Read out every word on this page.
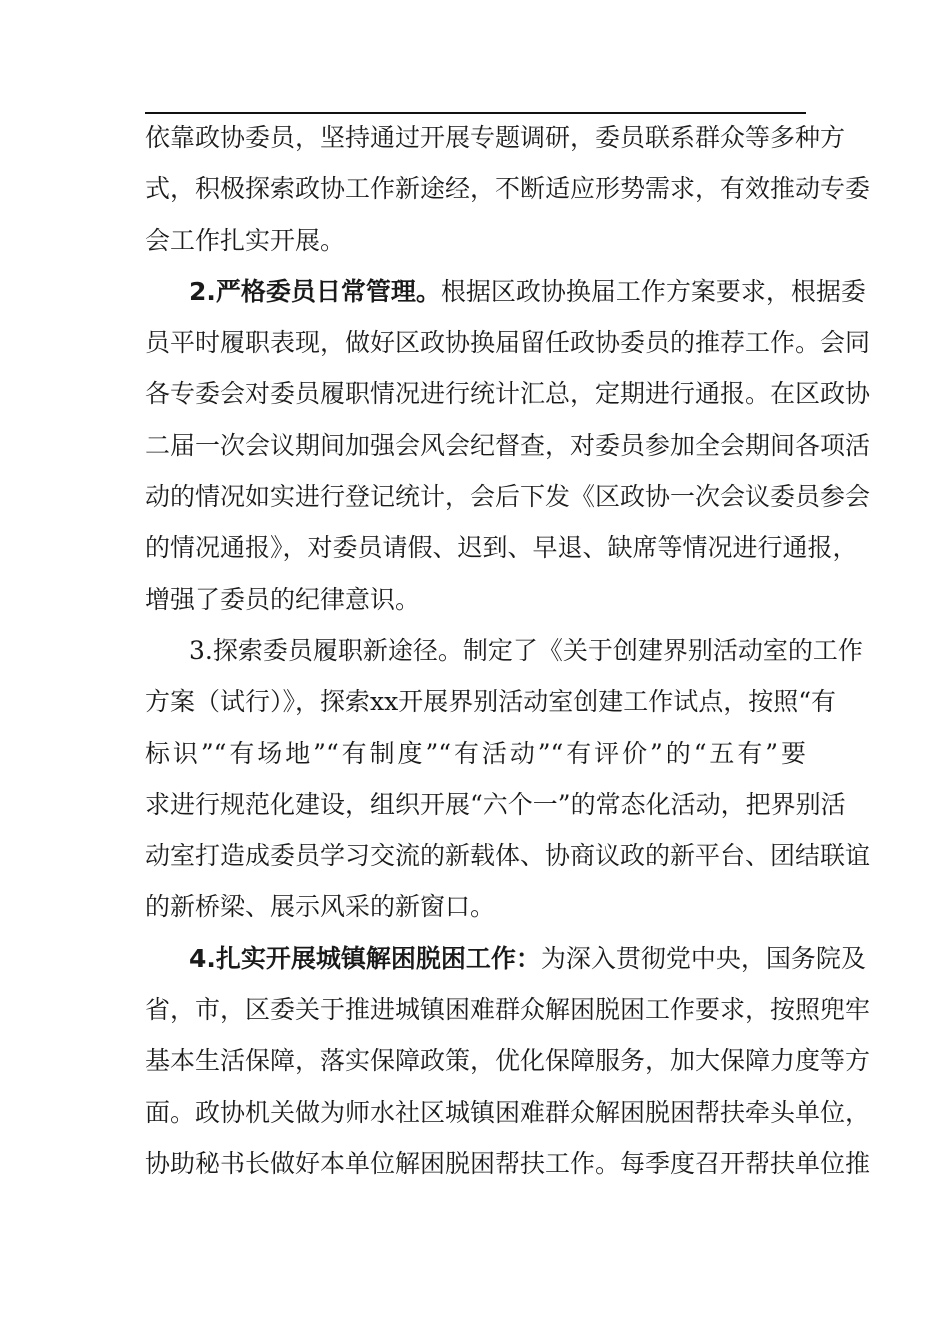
依靠政协委员，坚持通过开展专题调研，委员联系群众等多种方
式，积极探索政协工作新途经，不断适应形势需求，有效推动专委
会工作扎实开展。
2.严格委员日常管理。根据区政协换届工作方案要求，根据委
员平时履职表现，做好区政协换届留任政协委员的推荐工作。会同
各专委会对委员履职情况进行统计汇总，定期进行通报。在区政协
二届一次会议期间加强会风会纪督查，对委员参加全会期间各项活
动的情况如实进行登记统计，会后下发《区政协一次会议委员参会
的情况通报》，对委员请假、迟到、早退、缺席等情况进行通报，
增强了委员的纪律意识。
3.探索委员履职新途径。制定了《关于创建界别活动室的工作
方案（试行）》，探索xx开展界别活动室创建工作试点，按照“有
标识”“有场地”“有制度”“有活动”“有评价”的“五有”要
求进行规范化建设，组织开展“六个一”的常态化活动，把界别活
动室打造成委员学习交流的新载体、协商议政的新平台、团结联谊
的新桥梁、展示风采的新窗口。
4.扎实开展城镇解困脱困工作：为深入贯彻党中央，国务院及
省，市，区委关于推进城镇困难群众解困脱困工作要求，按照兜牢
基本生活保障，落实保障政策，优化保障服务，加大保障力度等方
面。政协机关做为师水社区城镇困难群众解困脱困帮扶牵头单位，
协助秘书长做好本单位解困脱困帮扶工作。每季度召开帮扶单位推
